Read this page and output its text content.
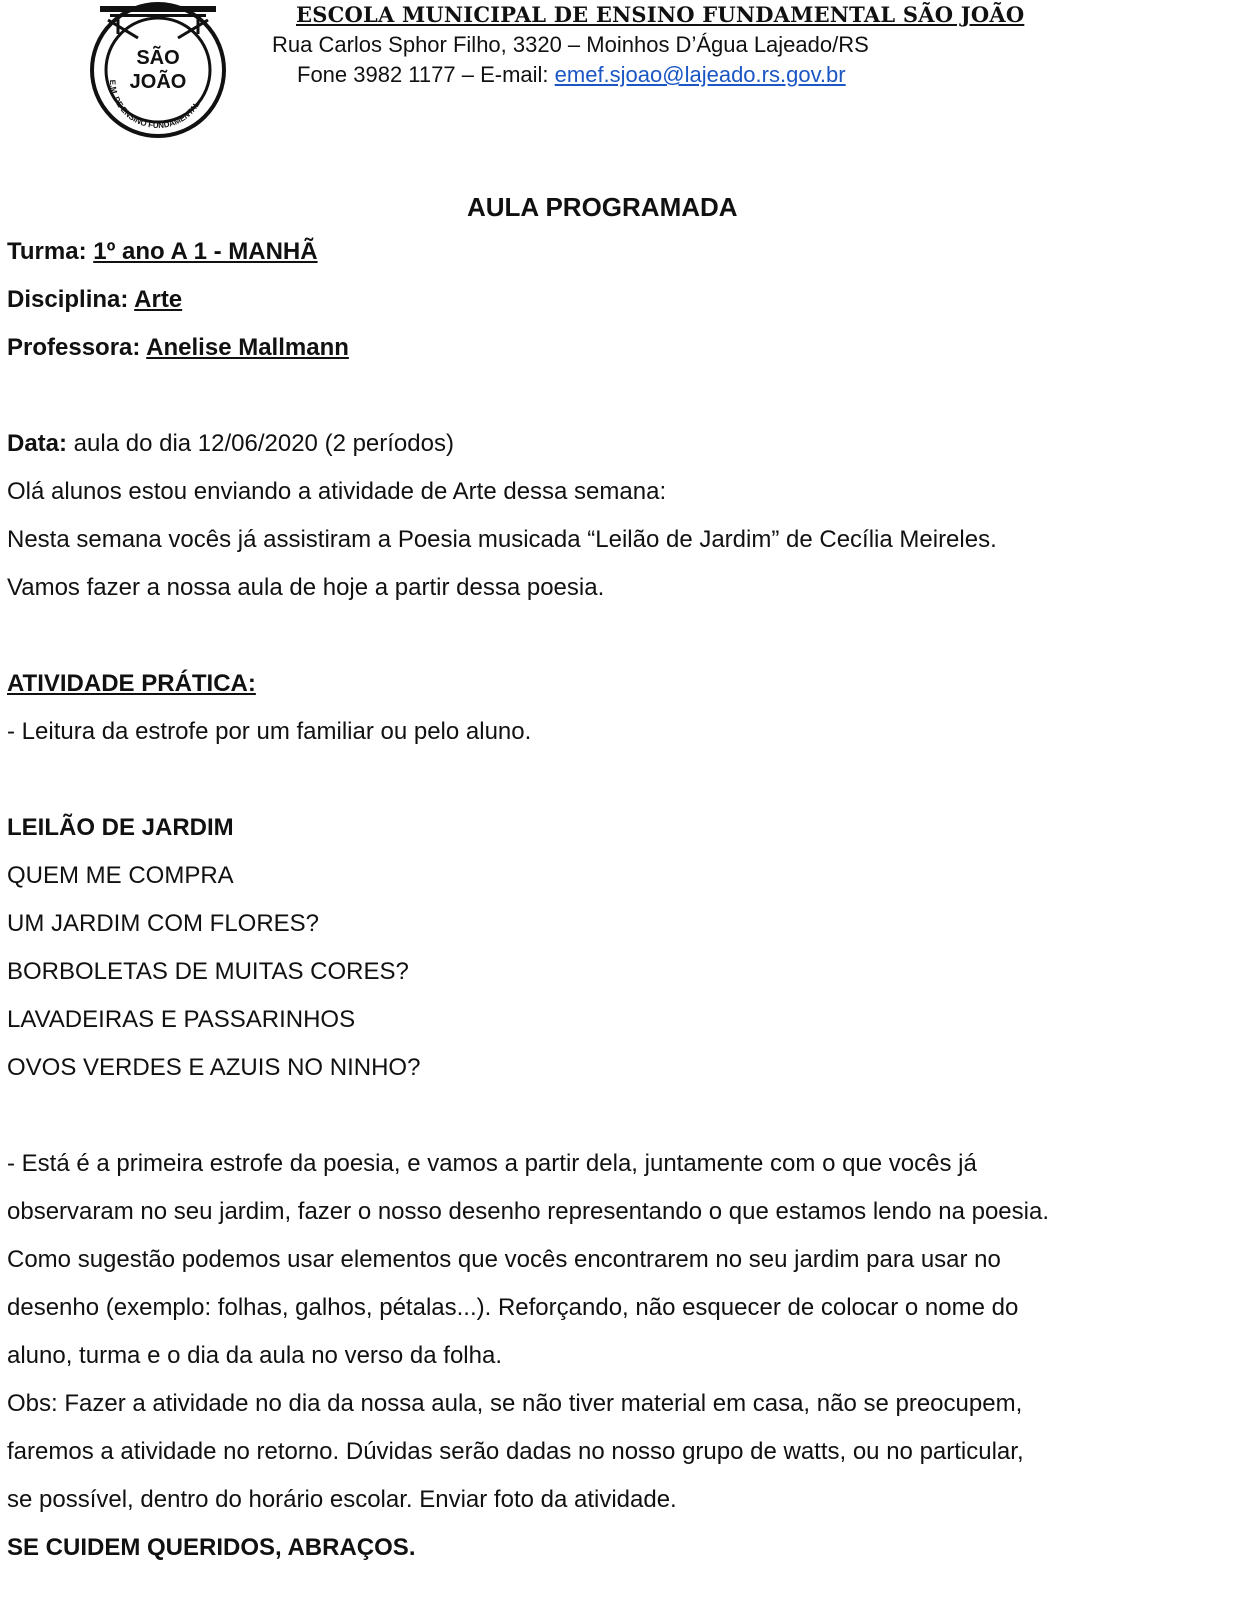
SÃO
JOÃO
E.M. DE ENSINO FUNDAMENTAL
ESCOLA MUNICIPAL DE ENSINO FUNDAMENTAL SÃO JOÃO
Rua Carlos Sphor Filho, 3320 – Moinhos D’Água Lajeado/RS
Fone 3982 1177 – E-mail: emef.sjoao@lajeado.rs.gov.br
AULA PROGRAMADA
Turma: 1º ano A 1 - MANHÃ
Disciplina: Arte
Professora: Anelise Mallmann
Data: aula do dia 12/06/2020 (2 períodos)
Olá alunos estou enviando a atividade de Arte dessa semana:
Nesta semana vocês já assistiram a Poesia musicada “Leilão de Jardim” de Cecília Meireles.
Vamos fazer a nossa aula de hoje a partir dessa poesia.
ATIVIDADE PRÁTICA:
- Leitura da estrofe por um familiar ou pelo aluno.
LEILÃO DE JARDIM
QUEM ME COMPRA
UM JARDIM COM FLORES?
BORBOLETAS DE MUITAS CORES?
LAVADEIRAS E PASSARINHOS
OVOS VERDES E AZUIS NO NINHO?
- Está é a primeira estrofe da poesia, e vamos a partir dela, juntamente com o que vocês já
observaram no seu jardim, fazer o nosso desenho representando o que estamos lendo na poesia.
Como sugestão podemos usar elementos que vocês encontrarem no seu jardim para usar no
desenho (exemplo: folhas, galhos, pétalas...). Reforçando, não esquecer de colocar o nome do
aluno, turma e o dia da aula no verso da folha.
Obs: Fazer a atividade no dia da nossa aula, se não tiver material em casa, não se preocupem,
faremos a atividade no retorno. Dúvidas serão dadas no nosso grupo de watts, ou no particular,
se possível, dentro do horário escolar. Enviar foto da atividade.
SE CUIDEM QUERIDOS, ABRAÇOS.
